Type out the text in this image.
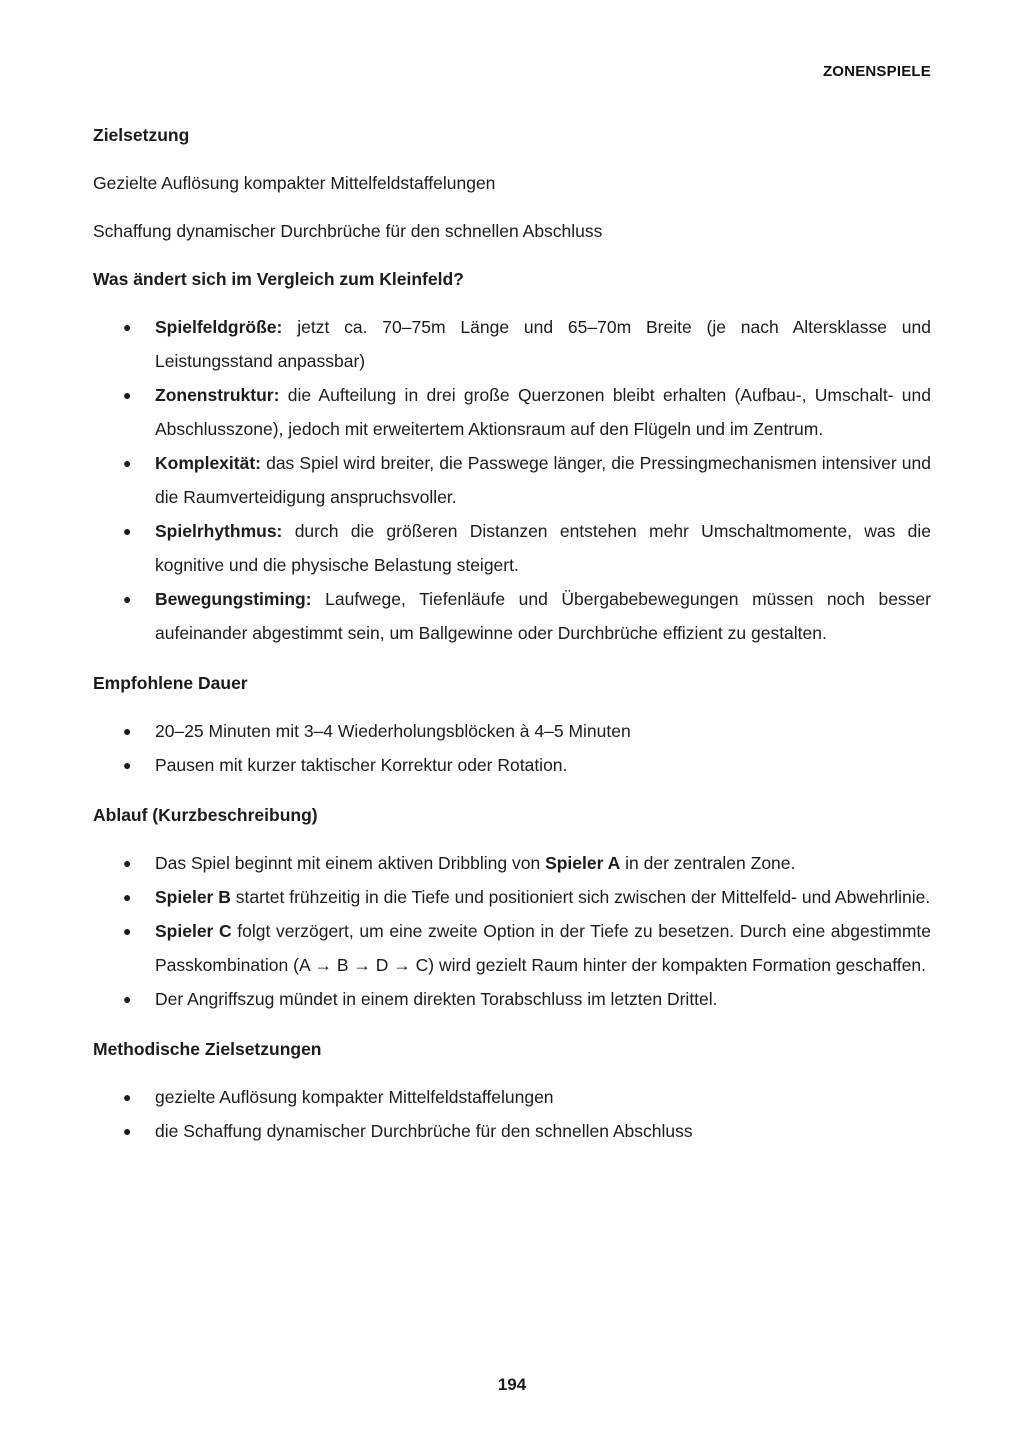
ZONENSPIELE

Zielsetzung

Gezielte Auflösung kompakter Mittelfeldstaffelungen

Schaffung dynamischer Durchbrüche für den schnellen Abschluss

Was ändert sich im Vergleich zum Kleinfeld?

● Spielfeldgröße: jetzt ca. 70–75m Länge und 65–70m Breite (je nach Altersklasse und Leistungsstand anpassbar)
● Zonenstruktur: die Aufteilung in drei große Querzonen bleibt erhalten (Aufbau-, Umschalt- und Abschlusszone), jedoch mit erweitertem Aktionsraum auf den Flügeln und im Zentrum.
● Komplexität: das Spiel wird breiter, die Passwege länger, die Pressingmechanismen intensiver und die Raumverteidigung anspruchsvoller.
● Spielrhythmus: durch die größeren Distanzen entstehen mehr Umschaltmomente, was die kognitive und die physische Belastung steigert.
● Bewegungstiming: Laufwege, Tiefenläufe und Übergabebewegungen müssen noch besser aufeinander abgestimmt sein, um Ballgewinne oder Durchbrüche effizient zu gestalten.

Empfohlene Dauer

● 20–25 Minuten mit 3–4 Wiederholungsblöcken à 4–5 Minuten
● Pausen mit kurzer taktischer Korrektur oder Rotation.

Ablauf (Kurzbeschreibung)

● Das Spiel beginnt mit einem aktiven Dribbling von Spieler A in der zentralen Zone.
● Spieler B startet frühzeitig in die Tiefe und positioniert sich zwischen der Mittelfeld- und Abwehrlinie.
● Spieler C folgt verzögert, um eine zweite Option in der Tiefe zu besetzen. Durch eine abgestimmte Passkombination (A → B → D → C) wird gezielt Raum hinter der kompakten Formation geschaffen.
● Der Angriffszug mündet in einem direkten Torabschluss im letzten Drittel.

Methodische Zielsetzungen

● gezielte Auflösung kompakter Mittelfeldstaffelungen
● die Schaffung dynamischer Durchbrüche für den schnellen Abschluss
194
